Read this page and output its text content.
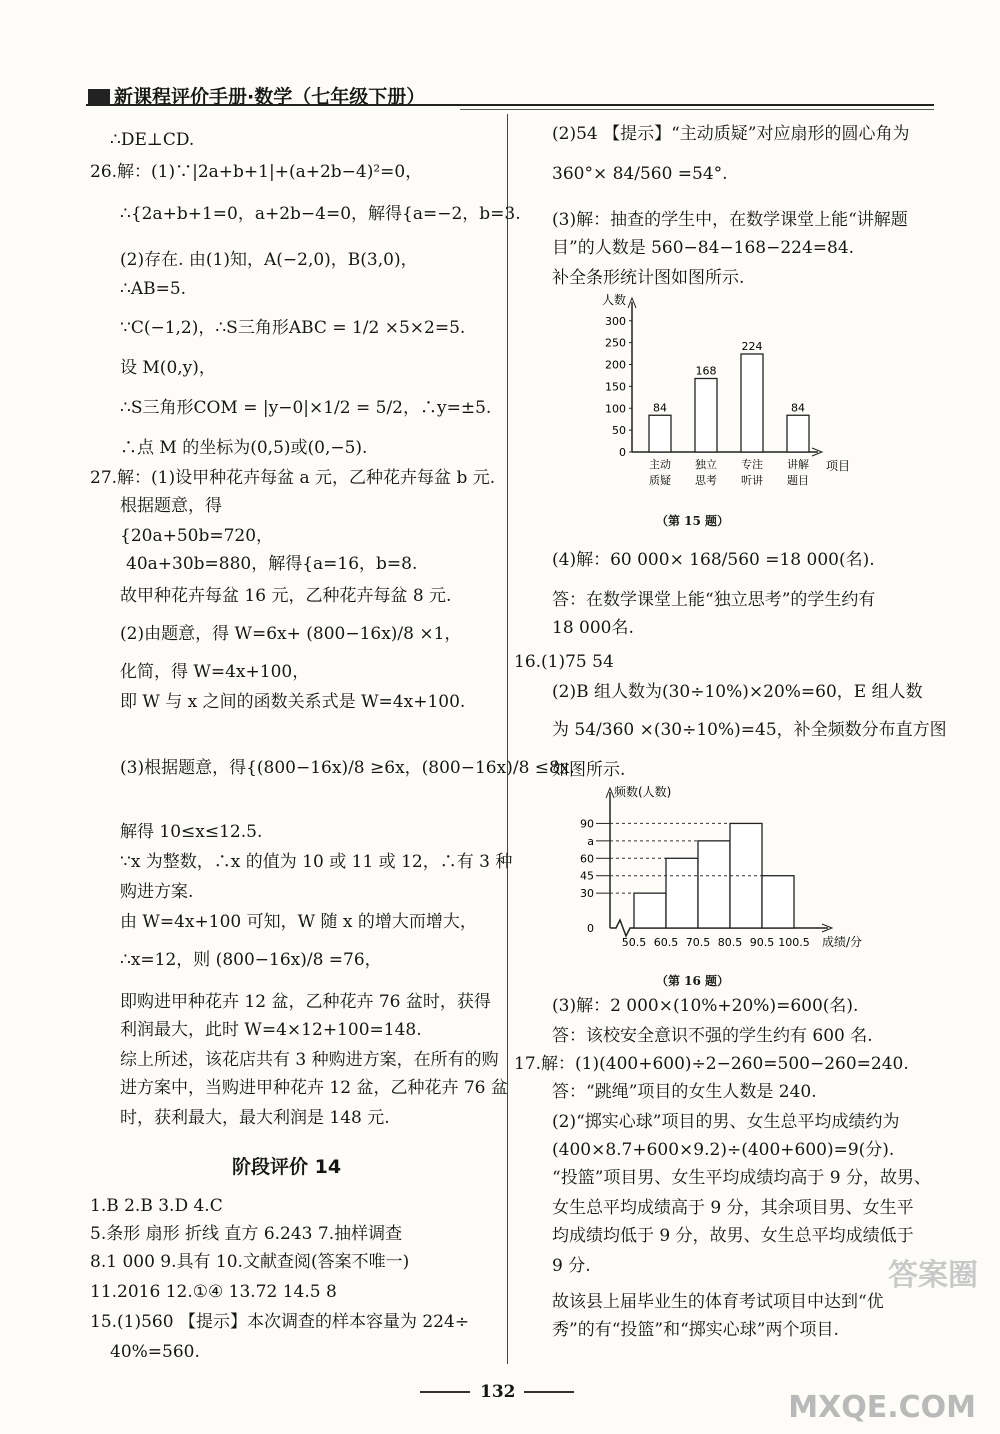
新课程评价手册·数学（七年级下册）
∴DE⊥CD.
26.解：(1)∵|2a+b+1|+(a+2b−4)²=0，
∴{2a+b+1=0，a+2b−4=0，解得{a=−2，b=3.
(2)存在. 由(1)知，A(−2,0)，B(3,0)，
∴AB=5.
∵C(−1,2)，∴S三角形ABC = 1/2 ×5×2=5.
设 M(0,y)，
∴S三角形COM = |y−0|×1/2 = 5/2，∴y=±5.
∴点 M 的坐标为(0,5)或(0,−5).
27.解：(1)设甲种花卉每盆 a 元，乙种花卉每盆 b 元.
根据题意，得
{20a+50b=720，
40a+30b=880，解得{a=16，b=8.
故甲种花卉每盆 16 元，乙种花卉每盆 8 元.
(2)由题意，得 W=6x+ (800−16x)/8 ×1，
化简，得 W=4x+100，
即 W 与 x 之间的函数关系式是 W=4x+100.
(3)根据题意，得{(800−16x)/8 ≥6x，(800−16x)/8 ≤8x.
解得 10≤x≤12.5.
∵x 为整数，∴x 的值为 10 或 11 或 12，∴有 3 种
购进方案.
由 W=4x+100 可知，W 随 x 的增大而增大，
∴x=12，则 (800−16x)/8 =76，
即购进甲种花卉 12 盆，乙种花卉 76 盆时，获得
利润最大，此时 W=4×12+100=148.
综上所述，该花店共有 3 种购进方案，在所有的购
进方案中，当购进甲种花卉 12 盆，乙种花卉 76 盆
时，获利最大，最大利润是 148 元.
阶段评价 14
1.B 2.B 3.D 4.C
5.条形 扇形 折线 直方 6.243 7.抽样调查
8.1 000 9.具有 10.文献查阅(答案不唯一)
11.2016 12.①④ 13.72 14.5 8
15.(1)560 【提示】本次调查的样本容量为 224÷
40%=560.
(2)54 【提示】“主动质疑”对应扇形的圆心角为
360°× 84/560 =54°.
(3)解：抽查的学生中，在数学课堂上能“讲解题
目”的人数是 560−84−168−224=84.
补全条形统计图如图所示.
人数
项目
0
50
100
150
200
250
300
84
主动
质疑
168
独立
思考
224
专注
听讲
84
讲解
题目
（第 15 题）
(4)解：60 000× 168/560 =18 000(名).
答：在数学课堂上能“独立思考”的学生约有
18 000名.
16.(1)75 54
(2)B 组人数为(30÷10%)×20%=60，E 组人数
为 54/360 ×(30÷10%)=45，补全频数分布直方图
如图所示.
频数(人数)
成绩/分
0
30
45
60
a
90
50.5 60.5 70.5 80.5 90.5 100.5
（第 16 题）
(3)解：2 000×(10%+20%)=600(名).
答：该校安全意识不强的学生约有 600 名.
17.解：(1)(400+600)÷2−260=500−260=240.
答：“跳绳”项目的女生人数是 240.
(2)“掷实心球”项目的男、女生总平均成绩约为
(400×8.7+600×9.2)÷(400+600)=9(分).
“投篮”项目男、女生平均成绩均高于 9 分，故男、
女生总平均成绩高于 9 分，其余项目男、女生平
均成绩均低于 9 分，故男、女生总平均成绩低于
9 分.
故该县上届毕业生的体育考试项目中达到“优
秀”的有“投篮”和“掷实心球”两个项目.
132	MXQE.COM
答案圈
